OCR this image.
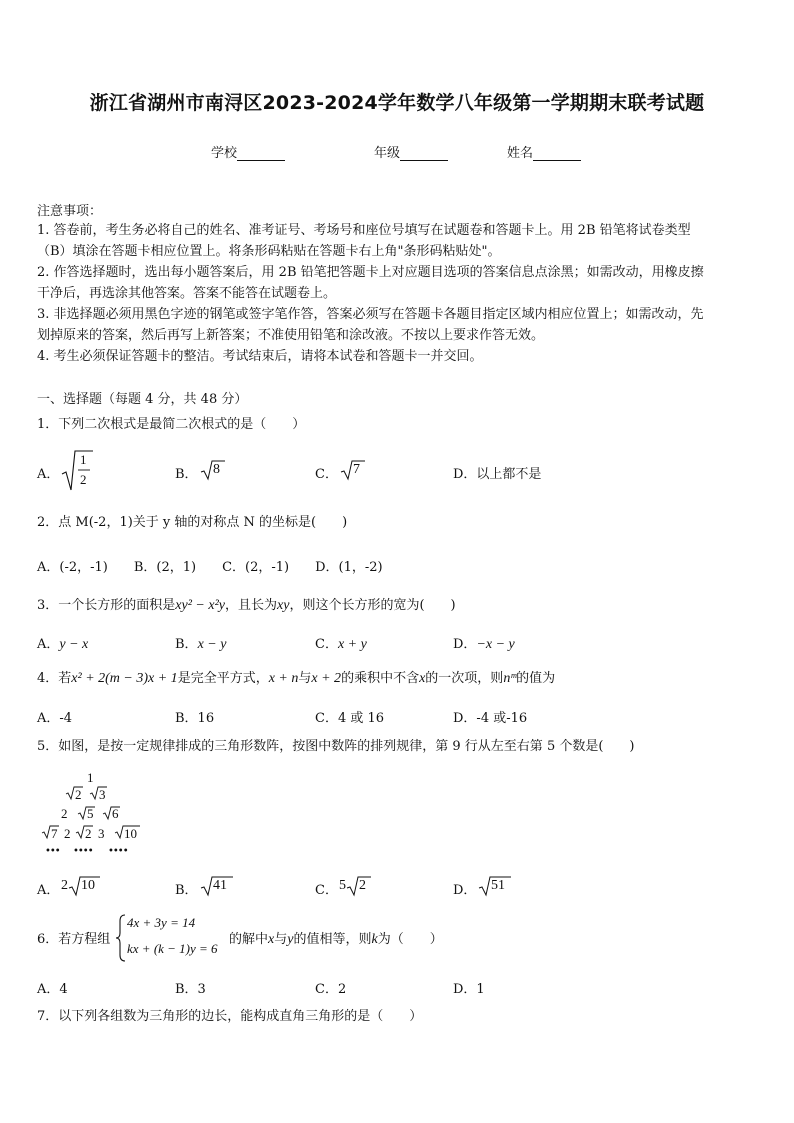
浙江省湖州市南浔区2023-2024学年数学八年级第一学期期末联考试题
学校	年级	姓名
注意事项：
1. 答卷前，考生务必将自己的姓名、准考证号、考场号和座位号填写在试题卷和答题卡上。用 2B 铅笔将试卷类型
（B）填涂在答题卡相应位置上。将条形码粘贴在答题卡右上角"条形码粘贴处"。
2. 作答选择题时，选出每小题答案后，用 2B 铅笔把答题卡上对应题目选项的答案信息点涂黑；如需改动，用橡皮擦
干净后，再选涂其他答案。答案不能答在试题卷上。
3. 非选择题必须用黑色字迹的钢笔或签字笔作答，答案必须写在答题卡各题目指定区域内相应位置上；如需改动，先
划掉原来的答案，然后再写上新答案；不准使用铅笔和涂改液。不按以上要求作答无效。
4. 考生必须保证答题卡的整洁。考试结束后，请将本试卷和答题卡一并交回。
一、选择题（每题 4 分，共 48 分）
1．下列二次根式是最简二次根式的是（　　）
A．
1
2	B． 8	C． 7	D．以上都不是
2．点 M(-2，1)关于 y 轴的对称点 N 的坐标是(　　)
A．(-2，-1)　　B．(2，1)　　C．(2，-1)　　D．(1，-2)
3．一个长方形的面积是xy² − x²y，且长为xy，则这个长方形的宽为(　　)
A．y − x	B．x − y	C．x + y	D．−x − y
4．若x² + 2(m − 3)x + 1是完全平方式，x + n与x + 2的乘积中不含x的一次项，则nᵐ的值为
A．-4	B．16	C．4 或 16	D．-4 或-16
5．如图，是按一定规律排成的三角形数阵，按图中数阵的排列规律，第 9 行从左至右第 5 个数是(　　)
1
2 3
2 5 6
7 2 2 3 10
••• •••• ••••
A． 2 10	B． 41	C． 5 2	D． 51
6．若方程组
4x + 3y = 14
kx + (k − 1)y = 6
的解中x与y的值相等，则k为（　　）
A．4	B．3	C．2	D．1
7．以下列各组数为三角形的边长，能构成直角三角形的是（　　）
